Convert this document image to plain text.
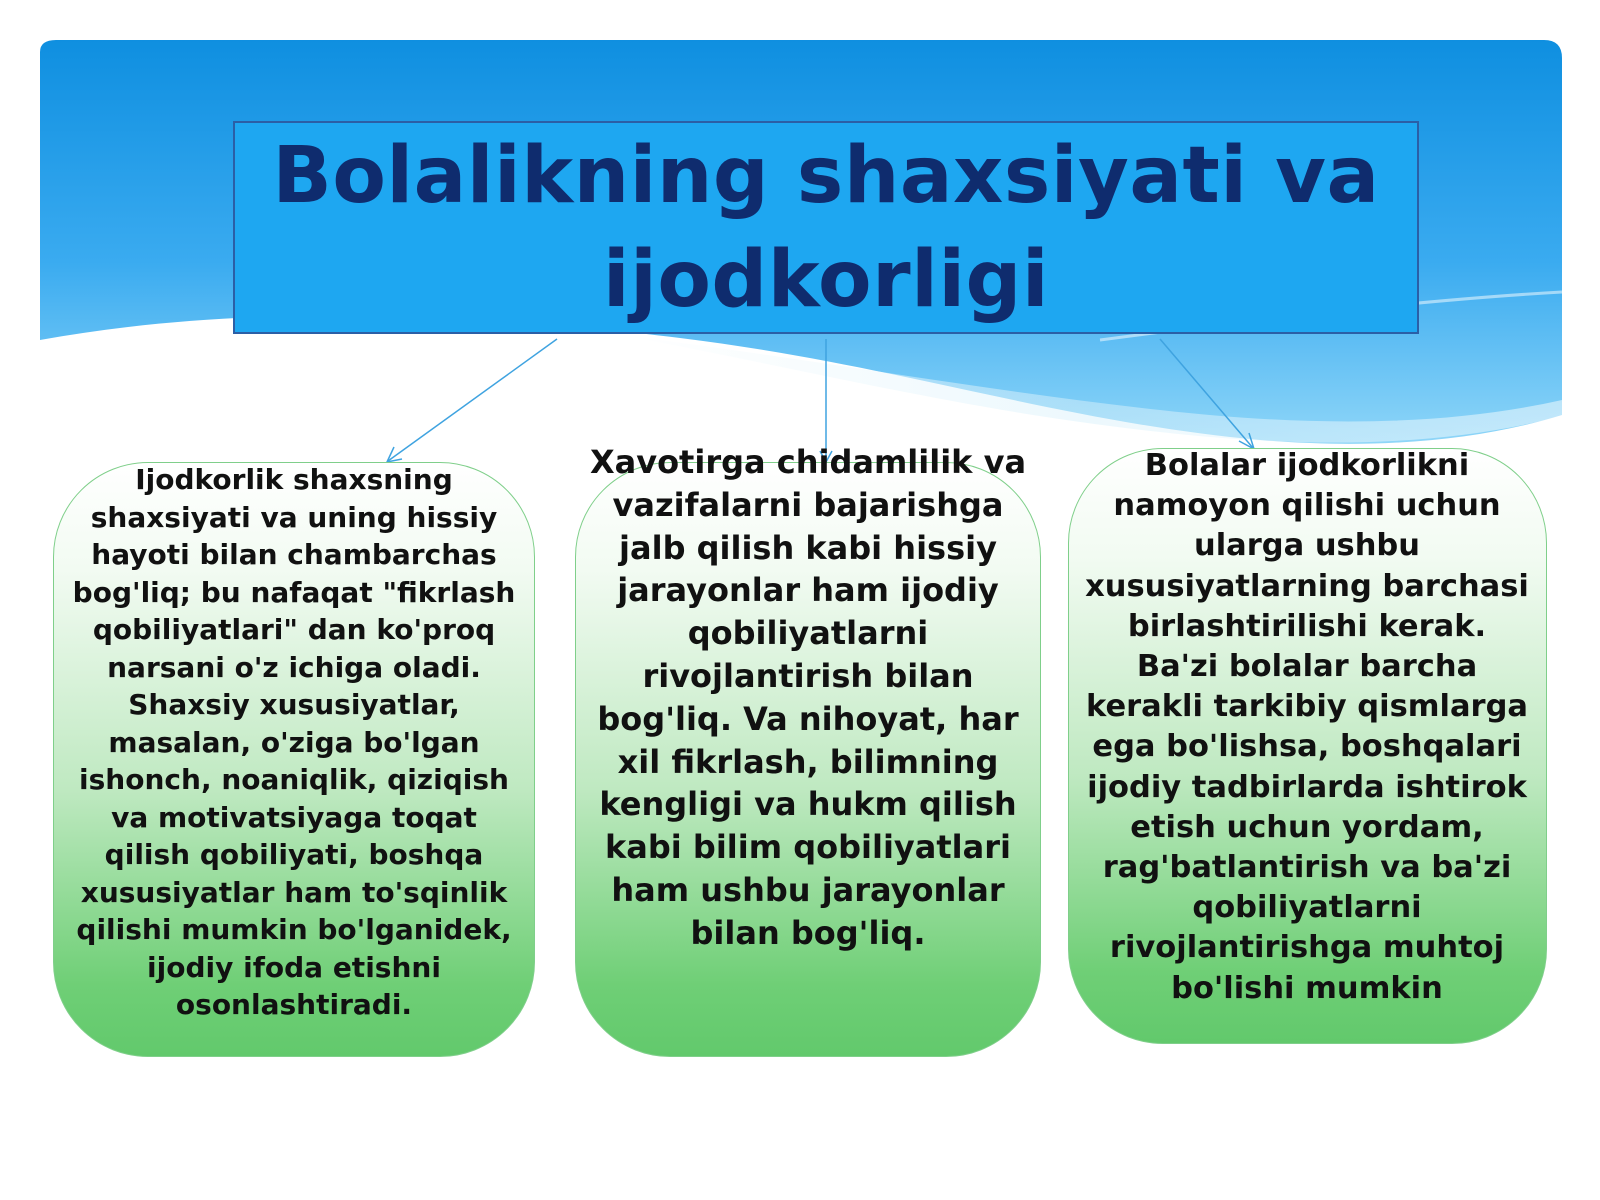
Bolalikning shaxsiyati va ijodkorligi
Ijodkorlik shaxsning shaxsiyati va uning hissiy hayoti bilan chambarchas bog'liq; bu nafaqat "fikrlash qobiliyatlari" dan ko'proq narsani o'z ichiga oladi. Shaxsiy xususiyatlar, masalan, o'ziga bo'lgan ishonch, noaniqlik, qiziqish va motivatsiyaga toqat qilish qobiliyati, boshqa xususiyatlar ham to'sqinlik qilishi mumkin bo'lganidek, ijodiy ifoda etishni osonlashtiradi.
Xavotirga chidamlilik va vazifalarni bajarishga jalb qilish kabi hissiy jarayonlar ham ijodiy qobiliyatlarni rivojlantirish bilan bog'liq. Va nihoyat, har xil fikrlash, bilimning kengligi va hukm qilish kabi bilim qobiliyatlari ham ushbu jarayonlar bilan bog'liq.
Bolalar ijodkorlikni namoyon qilishi uchun ularga ushbu xususiyatlarning barchasi birlashtirilishi kerak. Ba'zi bolalar barcha kerakli tarkibiy qismlarga ega bo'lishsa, boshqalari ijodiy tadbirlarda ishtirok etish uchun yordam, rag'batlantirish va ba'zi qobiliyatlarni rivojlantirishga muhtoj bo'lishi mumkin
